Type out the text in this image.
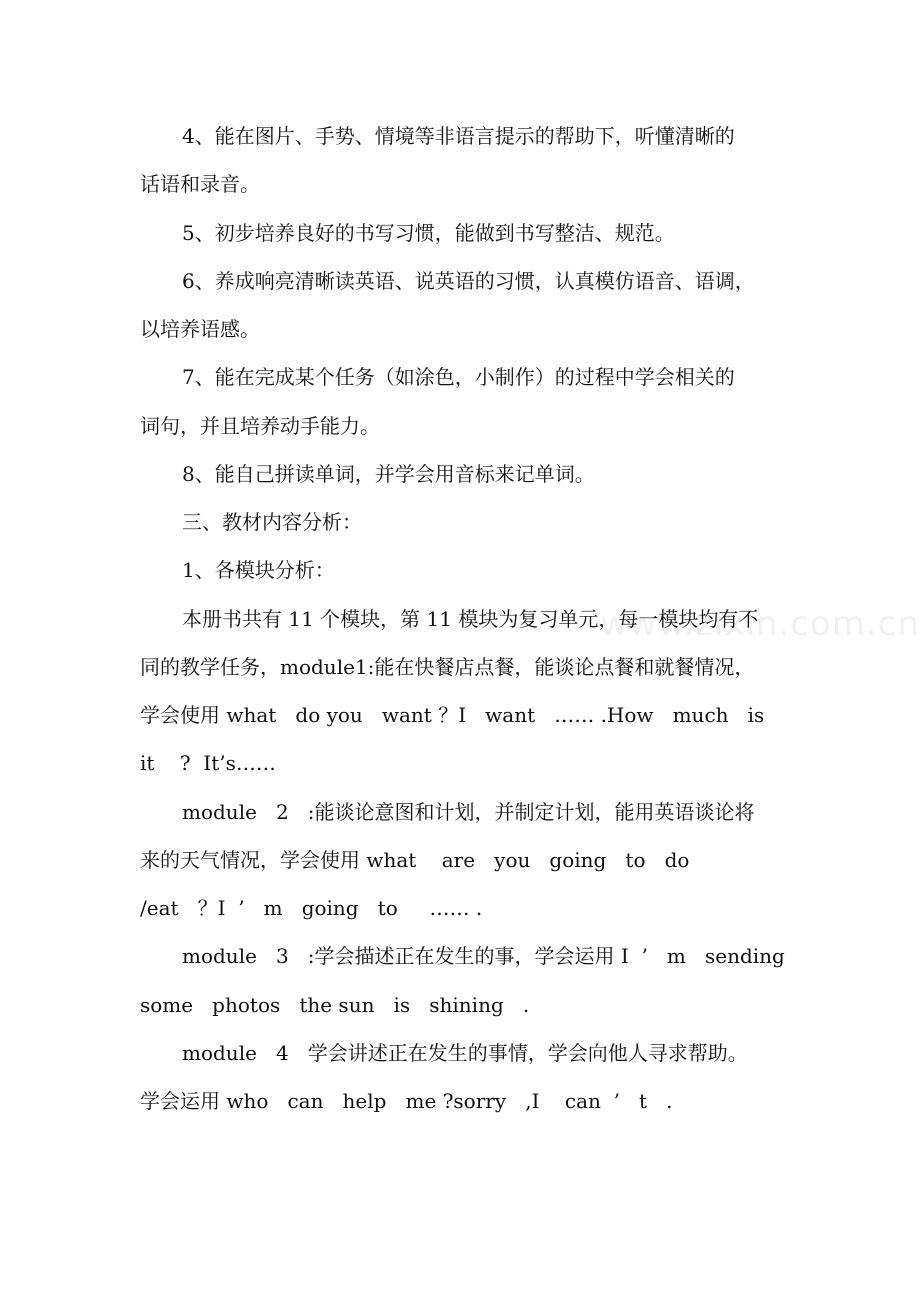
4、能在图片、手势、情境等非语言提示的帮助下，听懂清晰的
话语和录音。
5、初步培养良好的书写习惯，能做到书写整洁、规范。
6、养成响亮清晰读英语、说英语的习惯，认真模仿语音、语调，
以培养语感。
7、能在完成某个任务（如涂色，小制作）的过程中学会相关的
词句，并且培养动手能力。
8、能自己拼读单词，并学会用音标来记单词。
三、教材内容分析：
1、各模块分析：
本册书共有 11 个模块，第 11 模块为复习单元，每一模块均有不
同的教学任务，module1:能在快餐店点餐，能谈论点餐和就餐情况，
学会使用 what   do you   want ？I   want   …… .How   much   is
it    ?  It’s……
module   2   :能谈论意图和计划，并制定计划，能用英语谈论将
来的天气情况，学会使用 what    are   you   going   to   do
/eat   ？I  ’   m   going   to     …… .
module   3   :学会描述正在发生的事，学会运用 I  ’   m   sending
some   photos   the sun   is   shining   .
module   4   学会讲述正在发生的事情，学会向他人寻求帮助。
学会运用 who   can   help   me ?sorry   ,I    can  ’   t   .
www.zixin.com.cn
